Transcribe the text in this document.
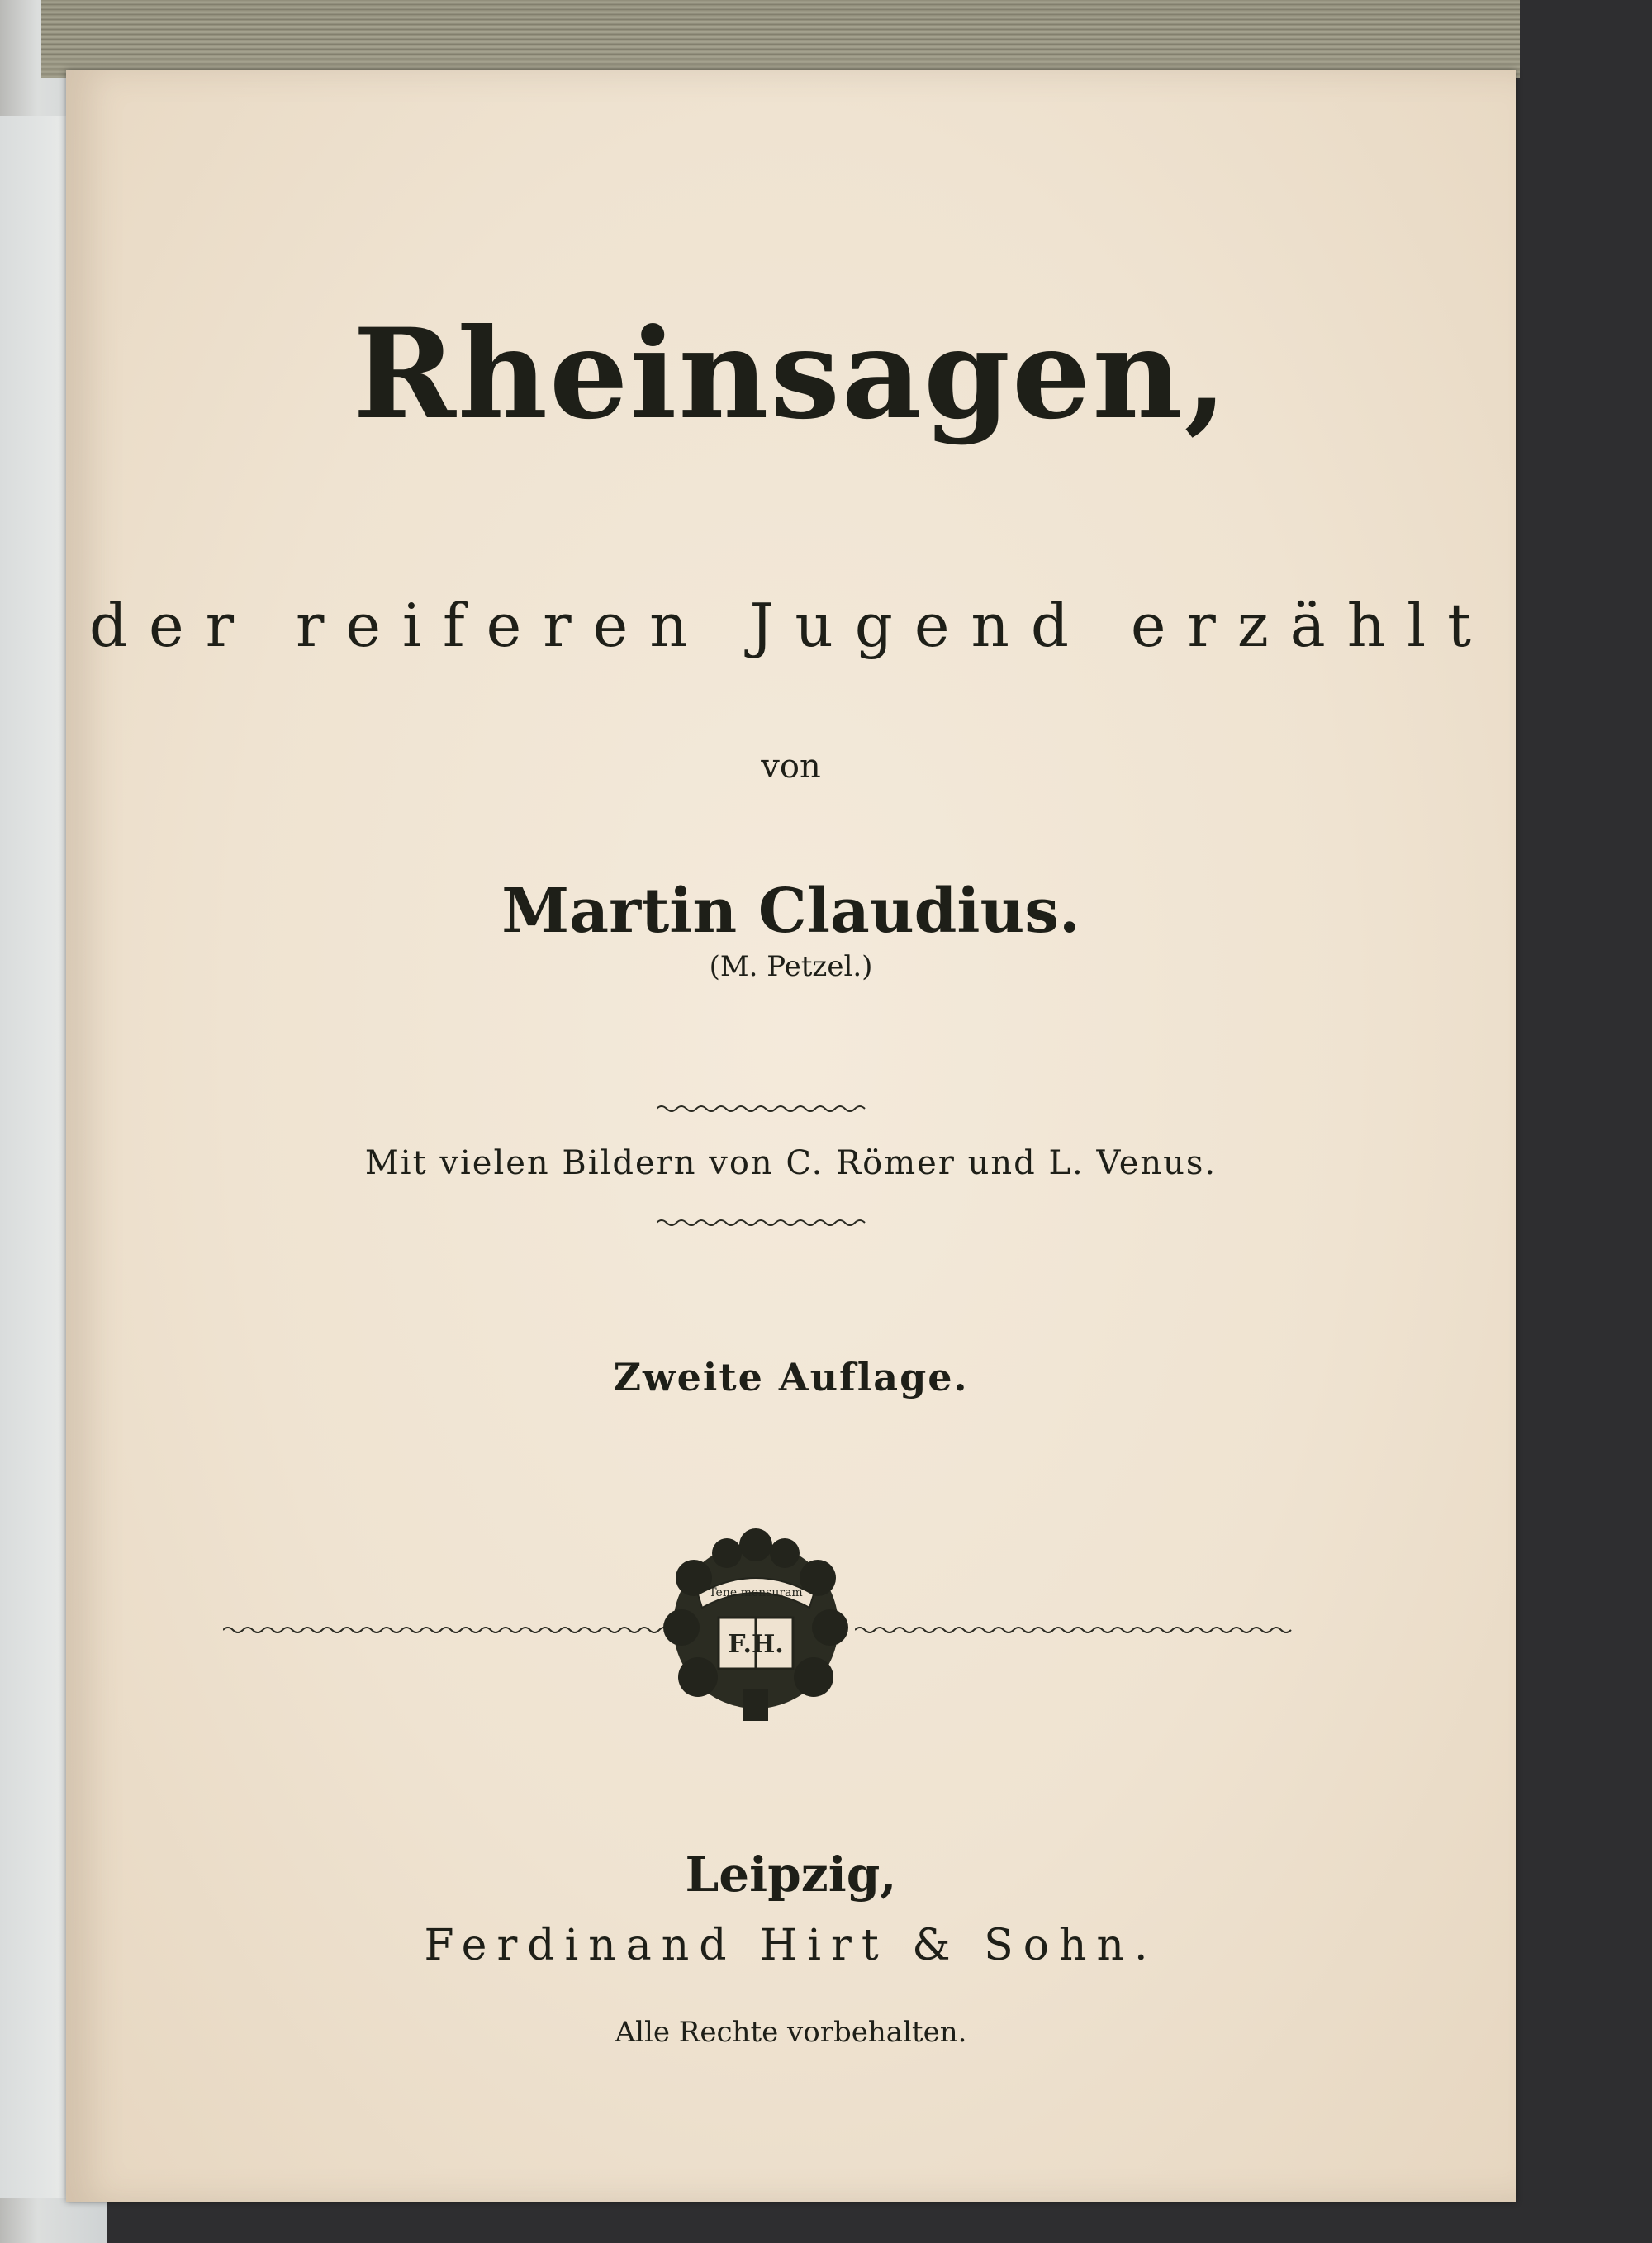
Rheinsagen,
der reiferen Jugend erzählt
von
Martin Claudius.
(M. Petzel.)
Mit vielen Bildern von C. Römer und L. Venus.
Zweite Auflage.
Tene mensuram
F.H.
Leipzig,
Ferdinand Hirt & Sohn.
Alle Rechte vorbehalten.
